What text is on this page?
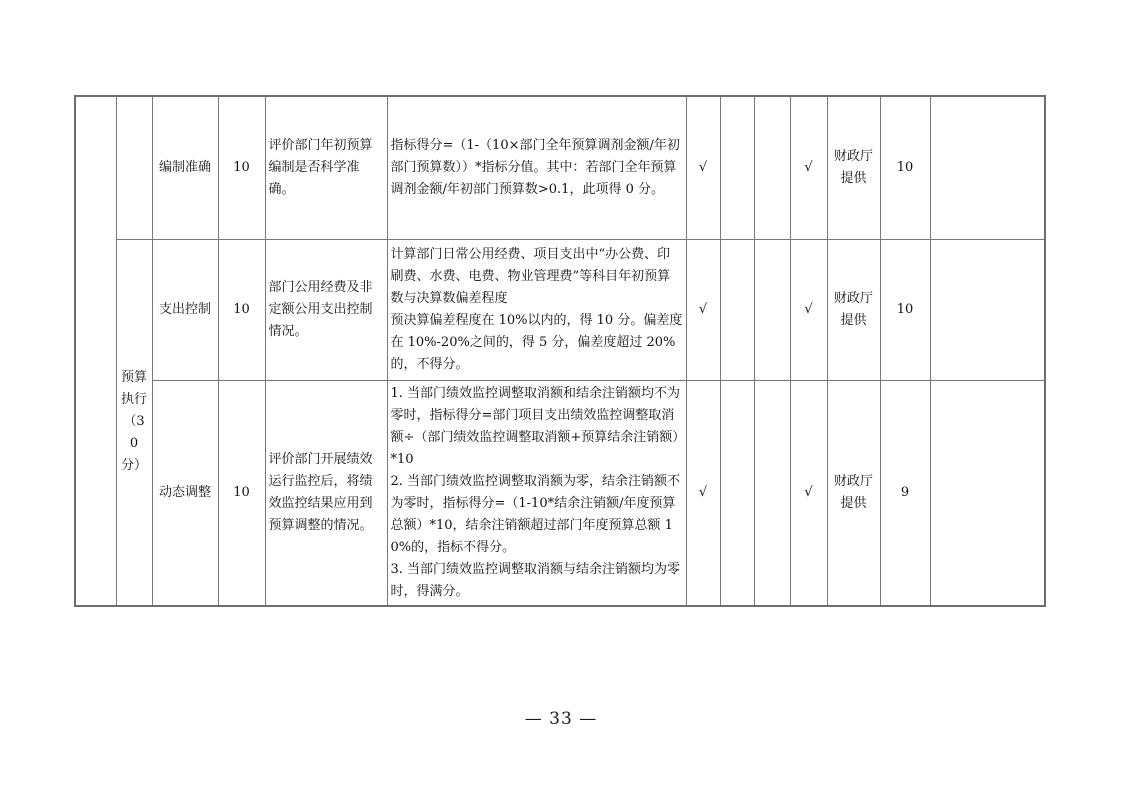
		编制准确	10	评价部门年初预算编制是否科学准确。	指标得分=（1-（10×部门全年预算调剂金额/年初部门预算数））*指标分值。其中：若部门全年预算调剂金额/年初部门预算数>0.1，此项得 0 分。	√			√	财政厅提供	10	
	预算执行（30分）	支出控制	10	部门公用经费及非定额公用支出控制情况。	计算部门日常公用经费、项目支出中“办公费、印刷费、水费、电费、物业管理费”等科目年初预算数与决算数偏差程度
预决算偏差程度在 10%以内的，得 10 分。偏差度在 10%-20%之间的，得 5 分，偏差度超过 20%的，不得分。	√			√	财政厅提供	10	
		动态调整	10	评价部门开展绩效运行监控后，将绩效监控结果应用到预算调整的情况。	1. 当部门绩效监控调整取消额和结余注销额均不为零时，指标得分=部门项目支出绩效监控调整取消额÷（部门绩效监控调整取消额+预算结余注销额）*10
2. 当部门绩效监控调整取消额为零，结余注销额不为零时，指标得分=（1-10*结余注销额/年度预算总额）*10，结余注销额超过部门年度预算总额 10%的，指标不得分。
3. 当部门绩效监控调整取消额与结余注销额均为零时，得满分。	√			√	财政厅提供	9	
— 33 —
